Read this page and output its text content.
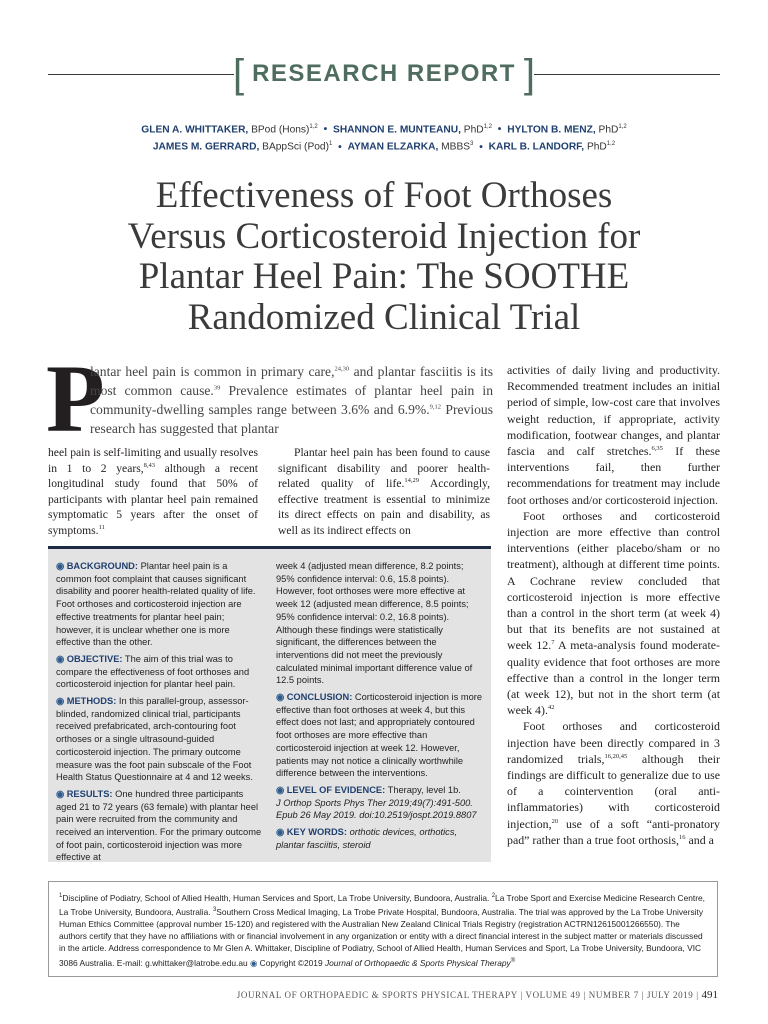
[ RESEARCH REPORT ]
GLEN A. WHITTAKER, BPod (Hons)$^{1,2}$ • SHANNON E. MUNTEANU, PhD$^{1,2}$ • HYLTON B. MENZ, PhD$^{1,2}$
JAMES M. GERRARD, BAppSci (Pod)$^1$ • AYMAN ELZARKA, MBBS$^3$ • KARL B. LANDORF, PhD$^{1,2}$
Effectiveness of Foot Orthoses
Versus Corticosteroid Injection for
Plantar Heel Pain: The SOOTHE
Randomized Clinical Trial
P
lantar heel pain is common in primary care,$^{24,30}$ and plantar fasciitis is its most common cause.$^{39}$ Prevalence estimates of plantar heel pain in community-dwelling samples range between 3.6% and 6.9%.$^{9,12}$ Previous research has suggested that plantar

heel pain is self-limiting and usually resolves in 1 to 2 years,$^{8,43}$ although a recent longitudinal study found that 50% of participants with plantar heel pain remained symptomatic 5 years after the onset of symptoms.$^{11}$

Plantar heel pain has been found to cause significant disability and poorer health-related quality of life.$^{14,29}$ Accordingly, effective treatment is essential to minimize its direct effects on pain and disability, as well as its indirect effects on

activities of daily living and productivity. Recommended treatment includes an initial period of simple, low-cost care that involves weight reduction, if appropriate, activity modification, footwear changes, and plantar fascia and calf stretches.$^{6,35}$ If these interventions fail, then further recommendations for treatment may include foot orthoses and/or corticosteroid injection.

Foot orthoses and corticosteroid injection are more effective than control interventions (either placebo/sham or no treatment), although at different time points. A Cochrane review concluded that corticosteroid injection is more effective than a control in the short term (at week 4) but that its benefits are not sustained at week 12.$^7$ A meta-analysis found moderate-quality evidence that foot orthoses are more effective than a control in the longer term (at week 12), but not in the short term (at week 4).$^{42}$

Foot orthoses and corticosteroid injection have been directly compared in 3 randomized trials,$^{16,20,45}$ although their findings are difficult to generalize due to use of a cointervention (oral anti-inflammatories) with corticosteroid injection,$^{20}$ use of a soft “anti-pronatory pad” rather than a true foot orthosis,$^{16}$ and a

◉ BACKGROUND: Plantar heel pain is a common foot complaint that causes significant disability and poorer health-related quality of life. Foot orthoses and corticosteroid injection are effective treatments for plantar heel pain; however, it is unclear whether one is more effective than the other.

◉ OBJECTIVE: The aim of this trial was to compare the effectiveness of foot orthoses and corticosteroid injection for plantar heel pain.

◉ METHODS: In this parallel-group, assessor-blinded, randomized clinical trial, participants received prefabricated, arch-contouring foot orthoses or a single ultrasound-guided corticosteroid injection. The primary outcome measure was the foot pain subscale of the Foot Health Status Questionnaire at 4 and 12 weeks.

◉ RESULTS: One hundred three participants aged 21 to 72 years (63 female) with plantar heel pain were recruited from the community and received an intervention. For the primary outcome of foot pain, corticosteroid injection was more effective at

week 4 (adjusted mean difference, 8.2 points; 95% confidence interval: 0.6, 15.8 points). However, foot orthoses were more effective at week 12 (adjusted mean difference, 8.5 points; 95% confidence interval: 0.2, 16.8 points). Although these findings were statistically significant, the differences between the interventions did not meet the previously calculated minimal important difference value of 12.5 points.

◉ CONCLUSION: Corticosteroid injection is more effective than foot orthoses at week 4, but this effect does not last; and appropriately contoured foot orthoses are more effective than corticosteroid injection at week 12. However, patients may not notice a clinically worthwhile difference between the interventions.

◉ LEVEL OF EVIDENCE: Therapy, level 1b.
J Orthop Sports Phys Ther 2019;49(7):491-500. Epub 26 May 2019. doi:10.2519/jospt.2019.8807

◉ KEY WORDS: orthotic devices, orthotics, plantar fasciitis, steroid

$^1$Discipline of Podiatry, School of Allied Health, Human Services and Sport, La Trobe University, Bundoora, Australia. $^2$La Trobe Sport and Exercise Medicine Research Centre, La Trobe University, Bundoora, Australia. $^3$Southern Cross Medical Imaging, La Trobe Private Hospital, Bundoora, Australia. The trial was approved by the La Trobe University Human Ethics Committee (approval number 15-120) and registered with the Australian New Zealand Clinical Trials Registry (registration ACTRN12615001266550). The authors certify that they have no affiliations with or financial involvement in any organization or entity with a direct financial interest in the subject matter or materials discussed in the article. Address correspondence to Mr Glen A. Whittaker, Discipline of Podiatry, School of Allied Health, Human Services and Sport, La Trobe University, Bundoora, VIC 3086 Australia. E-mail: g.whittaker@latrobe.edu.au ◉ Copyright ©2019 Journal of Orthopaedic & Sports Physical Therapy®
JOURNAL OF ORTHOPAEDIC & SPORTS PHYSICAL THERAPY | VOLUME 49 | NUMBER 7 | JULY 2019 | 491
